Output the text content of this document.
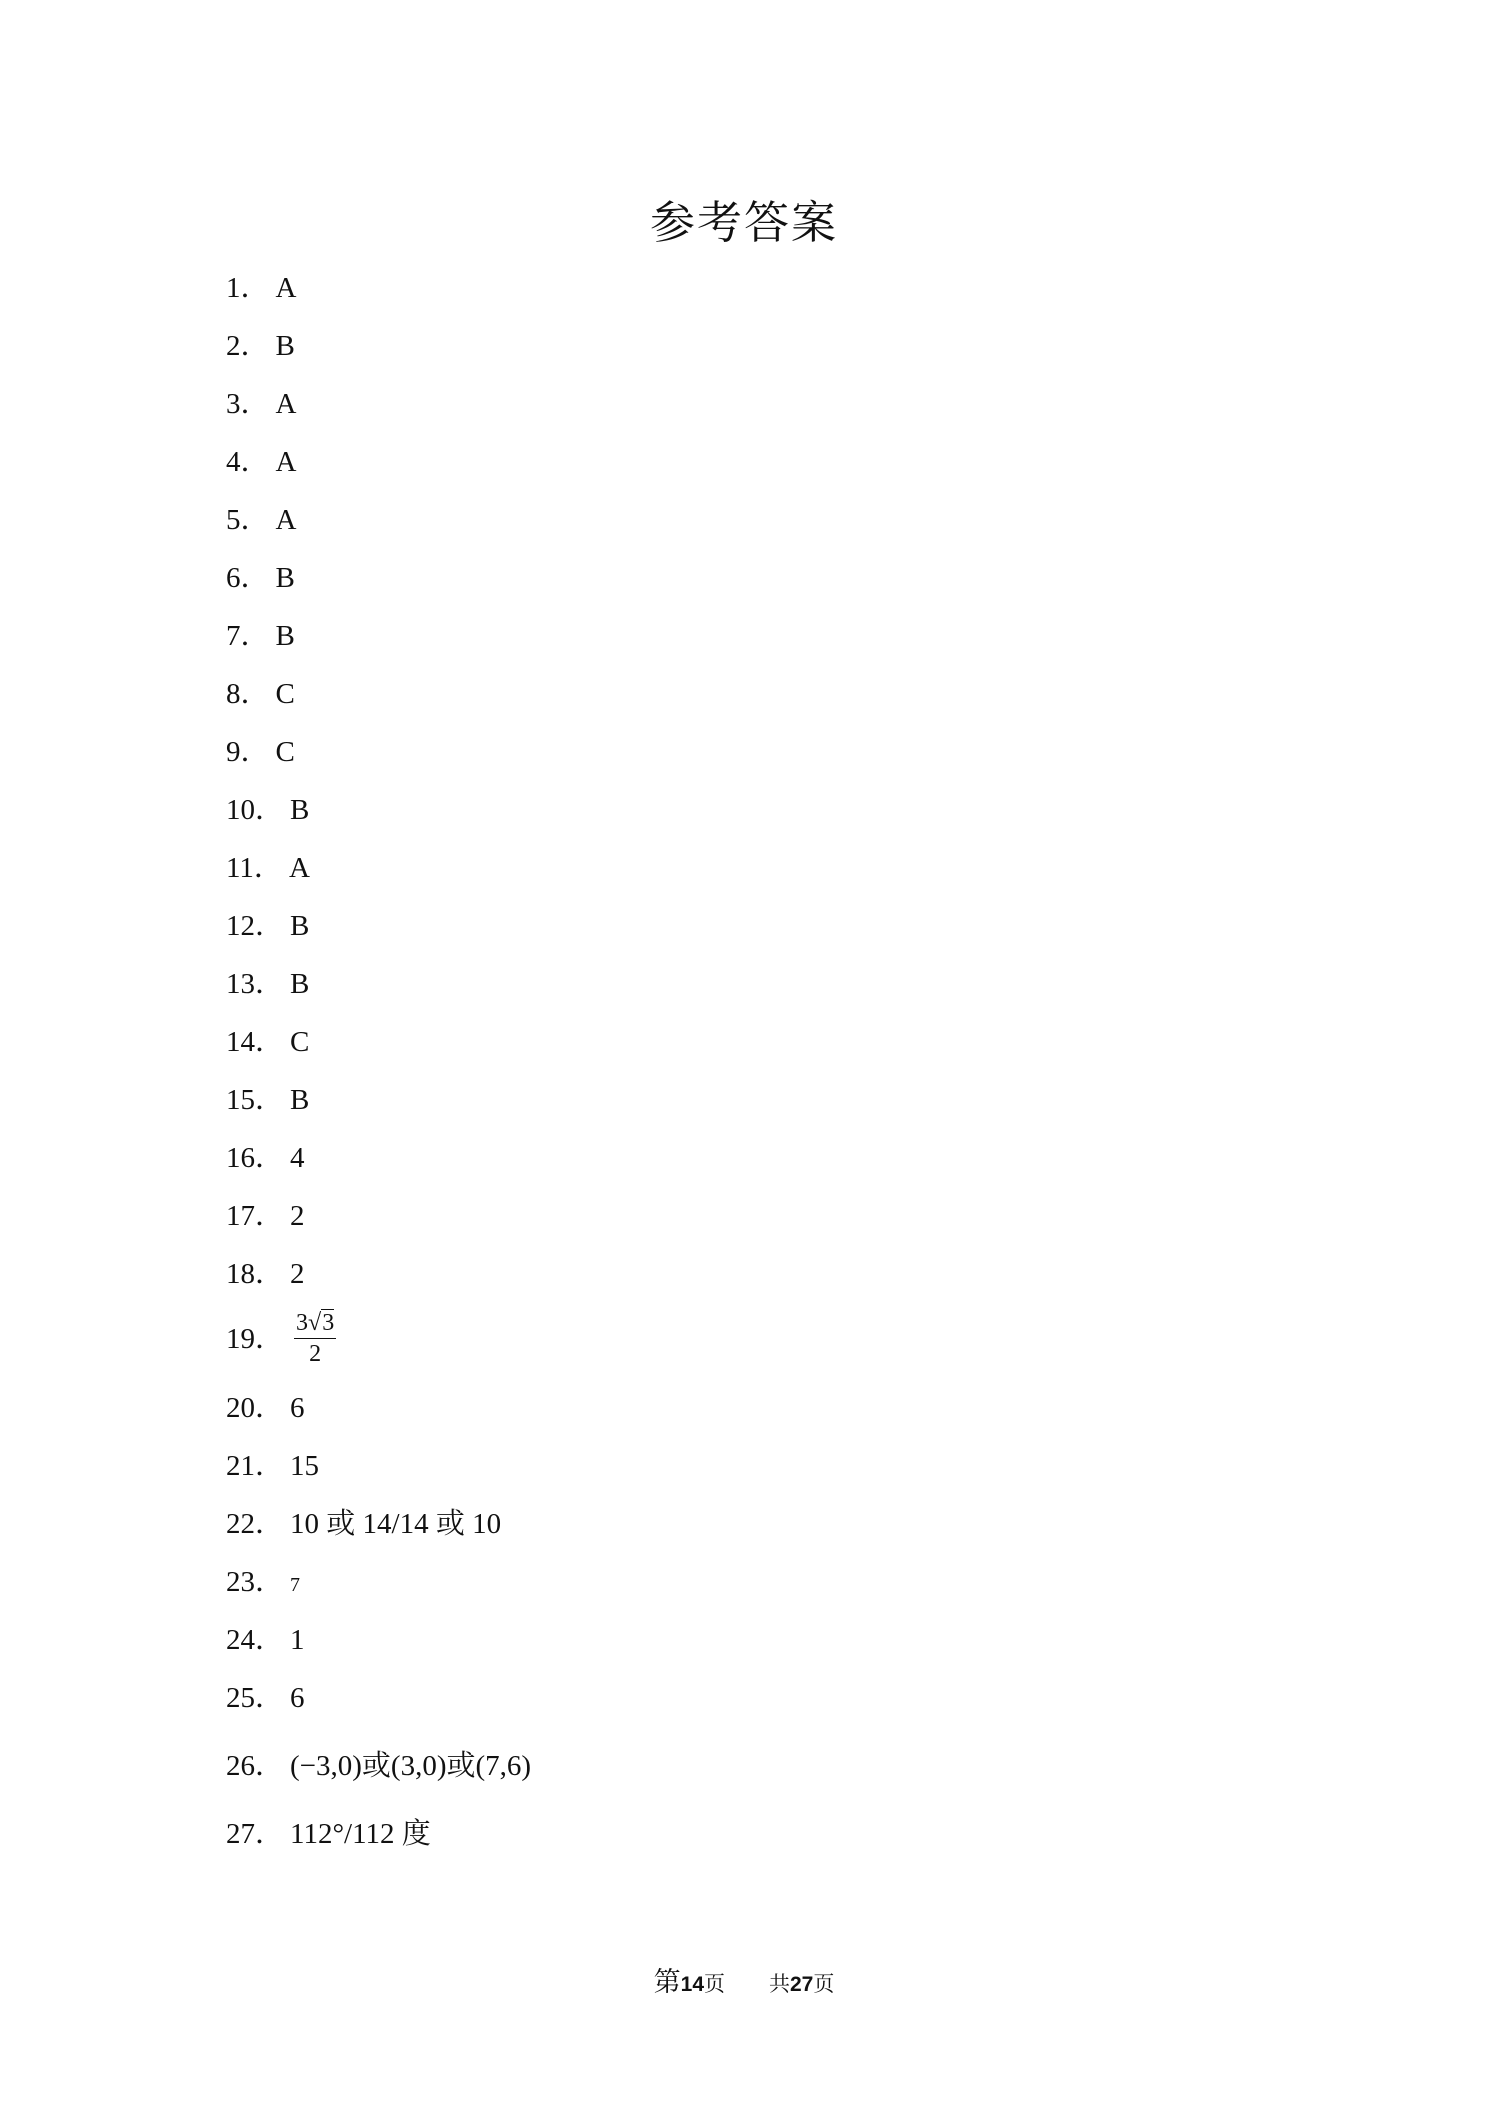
参考答案
1． A
2． B
3． A
4． A
5． A
6． B
7． B
8． C
9． C
10． B
11． A
12． B
13． B
14． C
15． B
16． 4
17． 2
18． 2
19． $\frac{3√3}{2}$
20． 6
21． 15
22． 10 或 14/14 或 10
23． 7
24． 1
25． 6
26． (−3,0)或(3,0)或(7,6)
27． 112°/112 度
第14页 共27页
